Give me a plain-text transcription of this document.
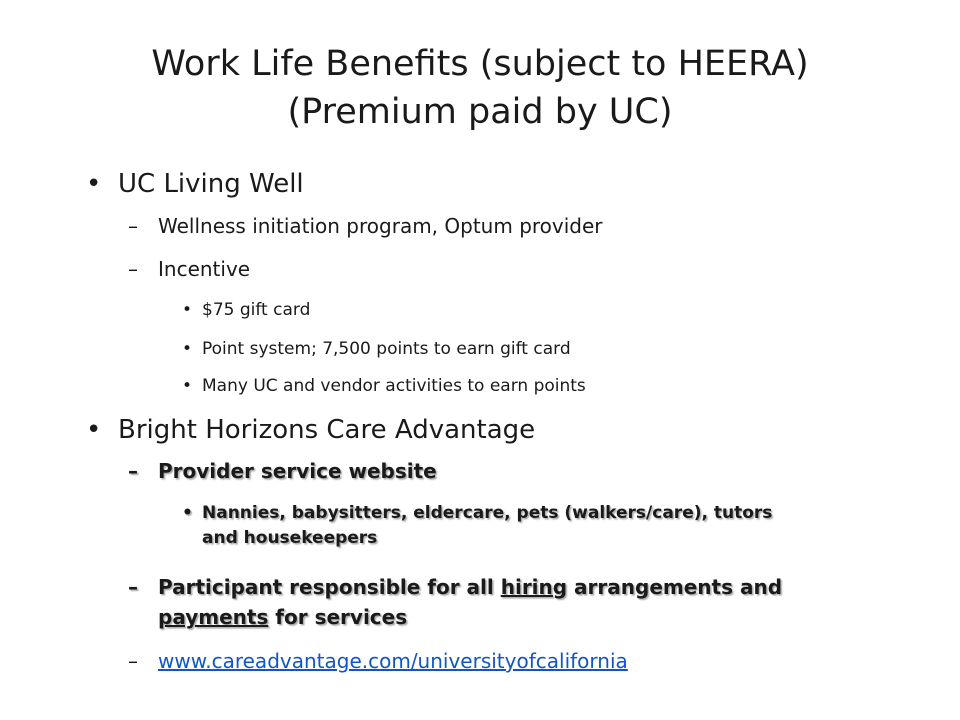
Work Life Benefits (subject to HEERA)
(Premium paid by UC)
• UC Living Well
– Wellness initiation program, Optum provider
– Incentive
• $75 gift card
• Point system; 7,500 points to earn gift card
• Many UC and vendor activities to earn points
• Bright Horizons Care Advantage
– Provider service website
• Nannies, babysitters, eldercare, pets (walkers/care), tutors
and housekeepers
– Participant responsible for all hiring arrangements and
payments for services
– www.careadvantage.com/universityofcalifornia
